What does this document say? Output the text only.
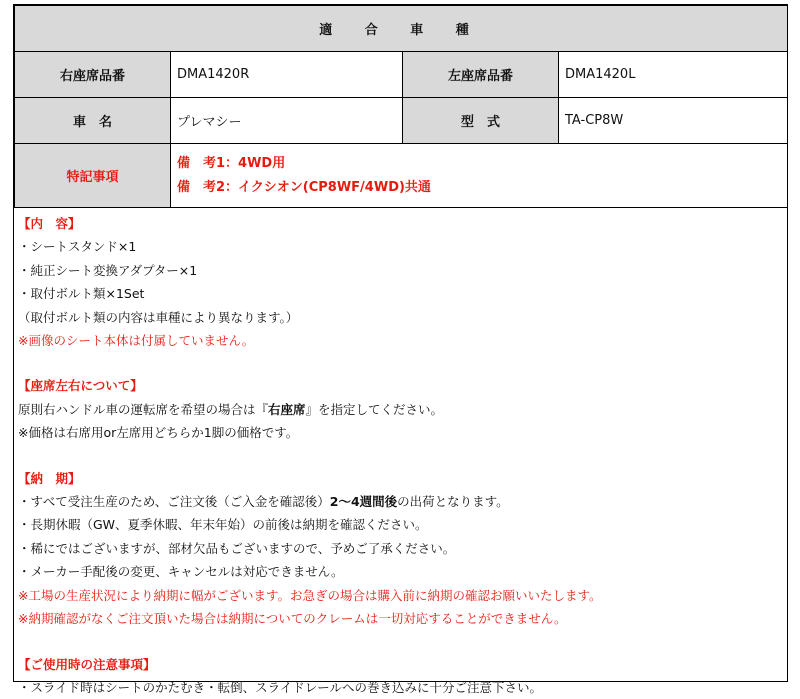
適 合 車 種			
右座席品番	DMA1420R	左座席品番	DMA1420L
車　名	プレマシー	型　式	TA-CP8W
特記事項	備　考1：4WD用
備　考2：イクシオン(CP8WF/4WD)共通		

【内　容】

・シートスタンド×1

・純正シート変換アダプター×1

・取付ボルト類×1Set

（取付ボルト類の内容は車種により異なります。）

※画像のシート本体は付属していません。

【座席左右について】

原則右ハンドル車の運転席を希望の場合は『右座席』を指定してください。

※価格は右席用or左席用どちらか1脚の価格です。

【納　期】

・すべて受注生産のため、ご注文後（ご入金を確認後）2〜4週間後の出荷となります。

・長期休暇（GW、夏季休暇、年末年始）の前後は納期を確認ください。

・稀にではございますが、部材欠品もございますので、予めご了承ください。

・メーカー手配後の変更、キャンセルは対応できません。

※工場の生産状況により納期に幅がございます。お急ぎの場合は購入前に納期の確認お願いいたします。

※納期確認がなくご注文頂いた場合は納期についてのクレームは一切対応することができません。

【ご使用時の注意事項】

・スライド時はシートのかたむき・転倒、スライドレールへの巻き込みに十分ご注意下さい。
